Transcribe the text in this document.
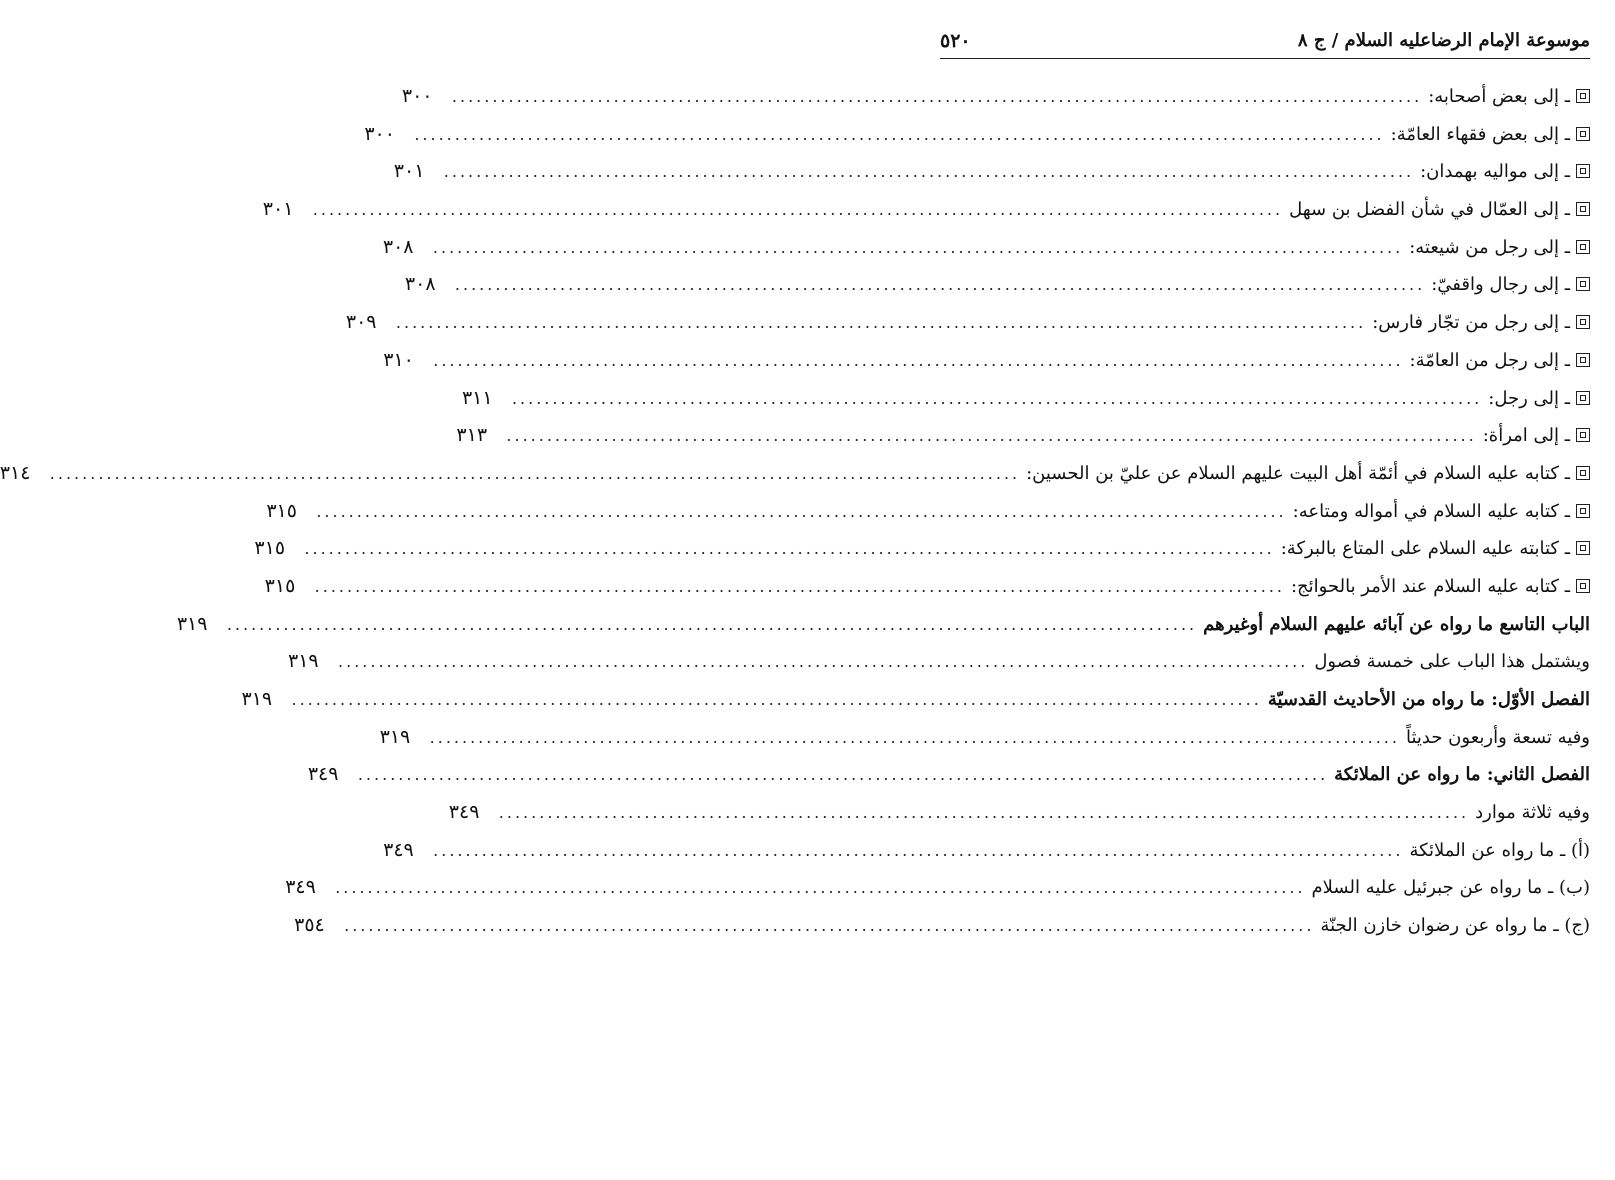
موسوعة الإمام الرضاعليه السلام / ج ٨
٥٢٠
ـ إلى بعض أصحابه:
........................................................................................................................
٣٠٠
ـ إلى بعض فقهاء العامّة:
........................................................................................................................
٣٠٠
ـ إلى مواليه بهمدان:
........................................................................................................................
٣٠١
ـ إلى العمّال في شأن الفضل بن سهل
........................................................................................................................
٣٠١
ـ إلى رجل من شيعته:
........................................................................................................................
٣٠٨
ـ إلى رجال واقفيّ:
........................................................................................................................
٣٠٨
ـ إلى رجل من تجّار فارس:
........................................................................................................................
٣٠٩
ـ إلى رجل من العامّة:
........................................................................................................................
٣١٠
ـ إلى رجل:
........................................................................................................................
٣١١
ـ إلى امرأة:
........................................................................................................................
٣١٣
ـ كتابه عليه السلام في أئمّة أهل البيت عليهم السلام عن عليّ بن الحسين:
........................................................................................................................
٣١٤
ـ كتابه عليه السلام في أمواله ومتاعه:
........................................................................................................................
٣١٥
ـ كتابته عليه السلام على المتاع بالبركة:
........................................................................................................................
٣١٥
ـ كتابه عليه السلام عند الأمر بالحوائج:
........................................................................................................................
٣١٥
الباب التاسع ما رواه عن آبائه عليهم السلام أوغيرهم
........................................................................................................................
٣١٩
ويشتمل هذا الباب على خمسة فصول
........................................................................................................................
٣١٩
الفصل الأوّل: ما رواه من الأحاديث القدسيّة
........................................................................................................................
٣١٩
وفيه تسعة وأربعون حديثاً
........................................................................................................................
٣١٩
الفصل الثاني: ما رواه عن الملائكة
........................................................................................................................
٣٤٩
وفيه ثلاثة موارد
........................................................................................................................
٣٤٩
(أ) ـ ما رواه عن الملائكة
........................................................................................................................
٣٤٩
(ب) ـ ما رواه عن جبرئيل عليه السلام
........................................................................................................................
٣٤٩
(ج) ـ ما رواه عن رضوان خازن الجنّة
........................................................................................................................
٣٥٤
